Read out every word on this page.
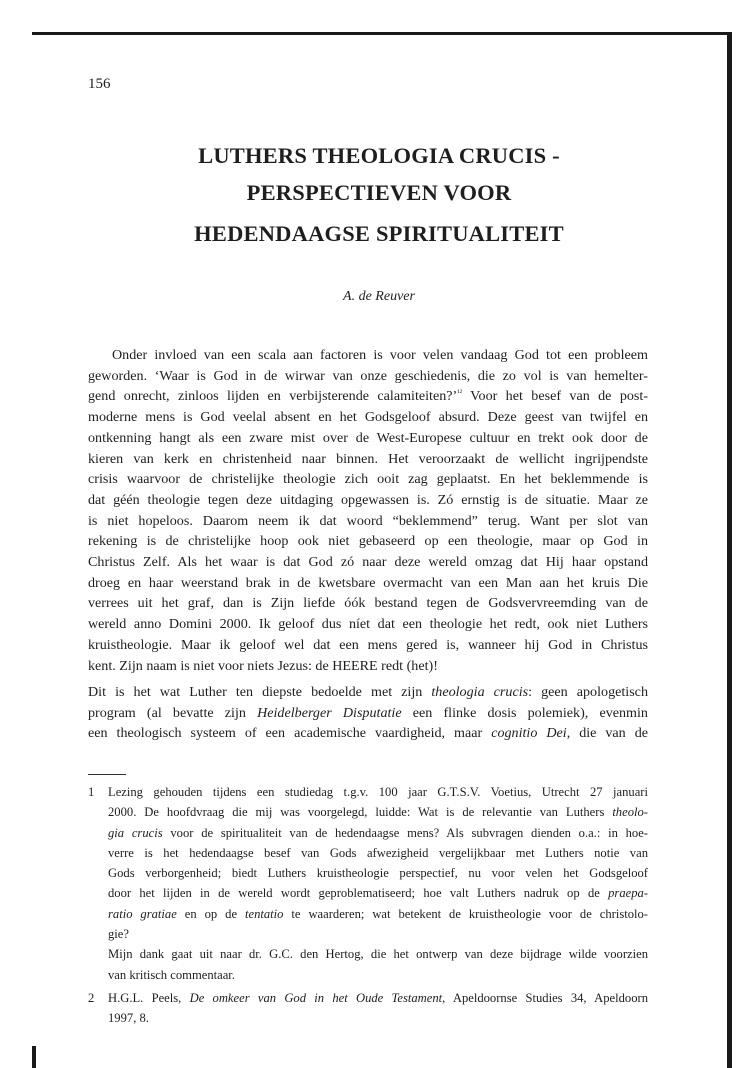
156
LUTHERS THEOLOGIA CRUCIS -
PERSPECTIEVEN VOOR
HEDENDAAGSE SPIRITUALITEIT
A. de Reuver
Onder invloed van een scala aan factoren is voor velen vandaag God tot een probleem
geworden. ‘Waar is God in de wirwar van onze geschiedenis, die zo vol is van hemelter-
gend onrecht, zinloos lijden en verbijsterende calamiteiten?’$^{^{12}}$ Voor het besef van de post-
moderne mens is God veelal absent en het Godsgeloof absurd. Deze geest van twijfel en
ontkenning hangt als een zware mist over de West-Europese cultuur en trekt ook door de
kieren van kerk en christenheid naar binnen. Het veroorzaakt de wellicht ingrijpendste
crisis waarvoor de christelijke theologie zich ooit zag geplaatst. En het beklemmende is
dat géén theologie tegen deze uitdaging opgewassen is. Zó ernstig is de situatie. Maar ze
is niet hopeloos. Daarom neem ik dat woord “beklemmend” terug. Want per slot van
rekening is de christelijke hoop ook niet gebaseerd op een theologie, maar op God in
Christus Zelf. Als het waar is dat God zó naar deze wereld omzag dat Hij haar opstand
droeg en haar weerstand brak in de kwetsbare overmacht van een Man aan het kruis Die
verrees uit het graf, dan is Zijn liefde óók bestand tegen de Godsvervreemding van de
wereld anno Domini 2000. Ik geloof dus níet dat een theologie het redt, ook niet Luthers
kruistheologie. Maar ik geloof wel dat een mens gered is, wanneer hij God in Christus
kent. Zijn naam is niet voor niets Jezus: de HEERE redt (het)!
Dit is het wat Luther ten diepste bedoelde met zijn theologia crucis: geen apologetisch
program (al bevatte zijn Heidelberger Disputatie een flinke dosis polemiek), evenmin
een theologisch systeem of een academische vaardigheid, maar cognitio Dei, die van de
1	Lezing gehouden tijdens een studiedag t.g.v. 100 jaar G.T.S.V. Voetius, Utrecht 27 januari
2000. De hoofdvraag die mij was voorgelegd, luidde: Wat is de relevantie van Luthers theolo-
gia crucis voor de spiritualiteit van de hedendaagse mens? Als subvragen dienden o.a.: in hoe-
verre is het hedendaagse besef van Gods afwezigheid vergelijkbaar met Luthers notie van
Gods verborgenheid; biedt Luthers kruistheologie perspectief, nu voor velen het Godsgeloof
door het lijden in de wereld wordt geproblematiseerd; hoe valt Luthers nadruk op de praepa-
ratio gratiae en op de tentatio te waarderen; wat betekent de kruistheologie voor de christolo-
gie?
Mijn dank gaat uit naar dr. G.C. den Hertog, die het ontwerp van deze bijdrage wilde voorzien
van kritisch commentaar.
2	H.G.L. Peels, De omkeer van God in het Oude Testament, Apeldoornse Studies 34, Apeldoorn
1997, 8.
